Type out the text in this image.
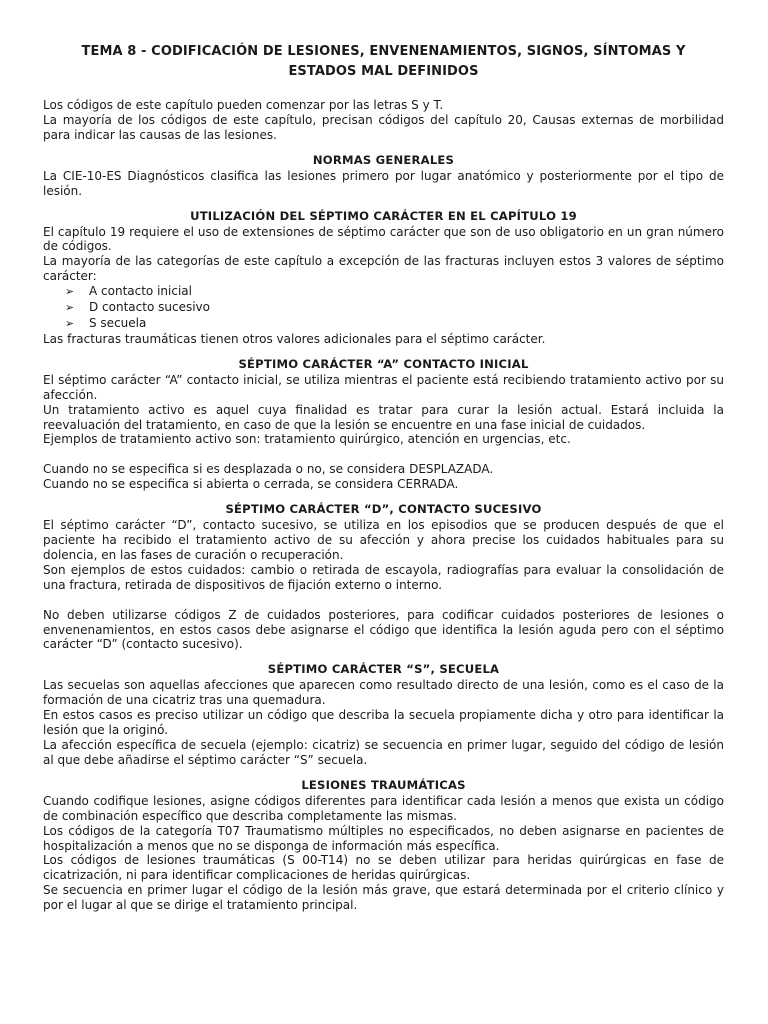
TEMA 8 - CODIFICACIÓN DE LESIONES, ENVENENAMIENTOS, SIGNOS, SÍNTOMAS Y ESTADOS MAL DEFINIDOS

Los códigos de este capítulo pueden comenzar por las letras S y T.

La mayoría de los códigos de este capítulo, precisan códigos del capítulo 20, Causas externas de morbilidad para indicar las causas de las lesiones.

NORMAS GENERALES

La CIE-10-ES Diagnósticos clasifica las lesiones primero por lugar anatómico y posteriormente por el tipo de lesión.

UTILIZACIÓN DEL SÉPTIMO CARÁCTER EN EL CAPÍTULO 19

El capítulo 19 requiere el uso de extensiones de séptimo carácter que son de uso obligatorio en un gran número de códigos.

La mayoría de las categorías de este capítulo a excepción de las fracturas incluyen estos 3 valores de séptimo carácter:

➢	A contacto inicial
➢	D contacto sucesivo
➢	S secuela

Las fracturas traumáticas tienen otros valores adicionales para el séptimo carácter.

SÉPTIMO CARÁCTER “A” CONTACTO INICIAL

El séptimo carácter “A” contacto inicial, se utiliza mientras el paciente está recibiendo tratamiento activo por su afección.

Un tratamiento activo es aquel cuya finalidad es tratar para curar la lesión actual. Estará incluida la reevaluación del tratamiento, en caso de que la lesión se encuentre en una fase inicial de cuidados.

Ejemplos de tratamiento activo son: tratamiento quirúrgico, atención en urgencias, etc.

Cuando no se especifica si es desplazada o no, se considera DESPLAZADA.

Cuando no se especifica si abierta o cerrada, se considera CERRADA.

SÉPTIMO CARÁCTER “D”, CONTACTO SUCESIVO

El séptimo carácter “D”, contacto sucesivo, se utiliza en los episodios que se producen después de que el paciente ha recibido el tratamiento activo de su afección y ahora precise los cuidados habituales para su dolencia, en las fases de curación o recuperación.

Son ejemplos de estos cuidados: cambio o retirada de escayola, radiografías para evaluar la consolidación de una fractura, retirada de dispositivos de fijación externo o interno.

No deben utilizarse códigos Z de cuidados posteriores, para codificar cuidados posteriores de lesiones o envenenamientos, en estos casos debe asignarse el código que identifica la lesión aguda pero con el séptimo carácter “D” (contacto sucesivo).

SÉPTIMO CARÁCTER “S”, SECUELA

Las secuelas son aquellas afecciones que aparecen como resultado directo de una lesión, como es el caso de la formación de una cicatriz tras una quemadura.

En estos casos es preciso utilizar un código que describa la secuela propiamente dicha y otro para identificar la lesión que la originó.

La afección específica de secuela (ejemplo: cicatriz) se secuencia en primer lugar, seguido del código de lesión al que debe añadirse el séptimo carácter “S” secuela.

LESIONES TRAUMÁTICAS

Cuando codifique lesiones, asigne códigos diferentes para identificar cada lesión a menos que exista un código de combinación específico que describa completamente las mismas.

Los códigos de la categoría T07 Traumatismo múltiples no especificados, no deben asignarse en pacientes de hospitalización a menos que no se disponga de información más específica.

Los códigos de lesiones traumáticas (S 00-T14) no se deben utilizar para heridas quirúrgicas en fase de cicatrización, ni para identificar complicaciones de heridas quirúrgicas.

Se secuencia en primer lugar el código de la lesión más grave, que estará determinada por el criterio clínico y por el lugar al que se dirige el tratamiento principal.
